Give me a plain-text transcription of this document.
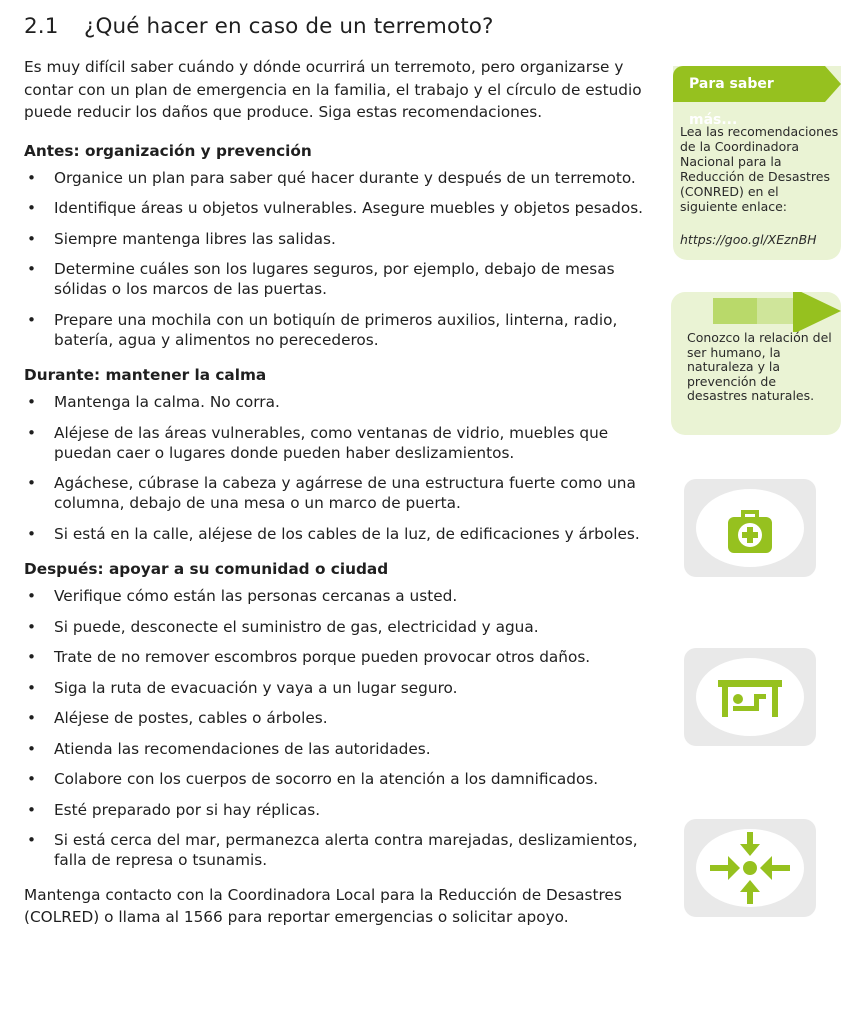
2.1 ¿Qué hacer en caso de un terremoto?

Es muy difícil saber cuándo y dónde ocurrirá un terremoto, pero organizarse y contar con un plan de emergencia en la familia, el trabajo y el círculo de estudio puede reducir los daños que produce. Siga estas recomendaciones.

Antes: organización y prevención
• Organice un plan para saber qué hacer durante y después de un terremoto.
• Identifique áreas u objetos vulnerables. Asegure muebles y objetos pesados.
• Siempre mantenga libres las salidas.
• Determine cuáles son los lugares seguros, por ejemplo, debajo de mesas sólidas o los marcos de las puertas.
• Prepare una mochila con un botiquín de primeros auxilios, linterna, radio, batería, agua y alimentos no perecederos.
Durante: mantener la calma
• Mantenga la calma. No corra.
• Aléjese de las áreas vulnerables, como ventanas de vidrio, muebles que puedan caer o lugares donde pueden haber deslizamientos.
• Agáchese, cúbrase la cabeza y agárrese de una estructura fuerte como una columna, debajo de una mesa o un marco de puerta.
• Si está en la calle, aléjese de los cables de la luz, de edificaciones y árboles.
Después: apoyar a su comunidad o ciudad
• Verifique cómo están las personas cercanas a usted.
• Si puede, desconecte el suministro de gas, electricidad y agua.
• Trate de no remover escombros porque pueden provocar otros daños.
• Siga la ruta de evacuación y vaya a un lugar seguro.
• Aléjese de postes, cables o árboles.
• Atienda las recomendaciones de las autoridades.
• Colabore con los cuerpos de socorro en la atención a los damnificados.
• Esté preparado por si hay réplicas.
• Si está cerca del mar, permanezca alerta contra marejadas, deslizamientos, falla de represa o tsunamis.

Mantenga contacto con la Coordinadora Local para la Reducción de Desastres (COLRED) o llama al 1566 para reportar emergencias o solicitar apoyo.

Para saber más...
Lea las recomendaciones de la Coordinadora Nacional para la Reducción de Desastres (CONRED) en el siguiente enlace:
https://goo.gl/XEznBH
Conozco la relación del ser humano, la naturaleza y la prevención de desastres naturales.
